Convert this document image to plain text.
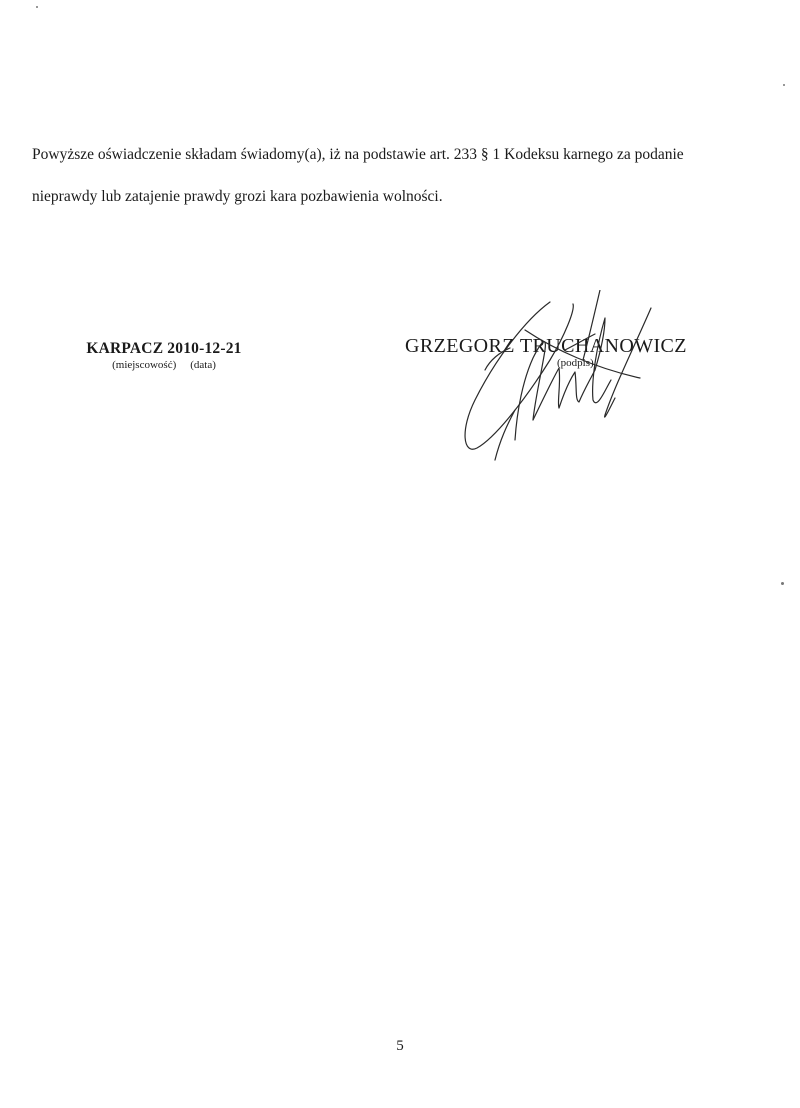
Powyższe oświadczenie składam świadomy(a), iż na podstawie art. 233 § 1 Kodeksu karnego za podanie
nieprawdy lub zatajenie prawdy grozi kara pozbawienia wolności.
KARPACZ 2010-12-21
(miejscowość) (data)
GRZEGORZ TRUCHANOWICZ
(podpis)
5
